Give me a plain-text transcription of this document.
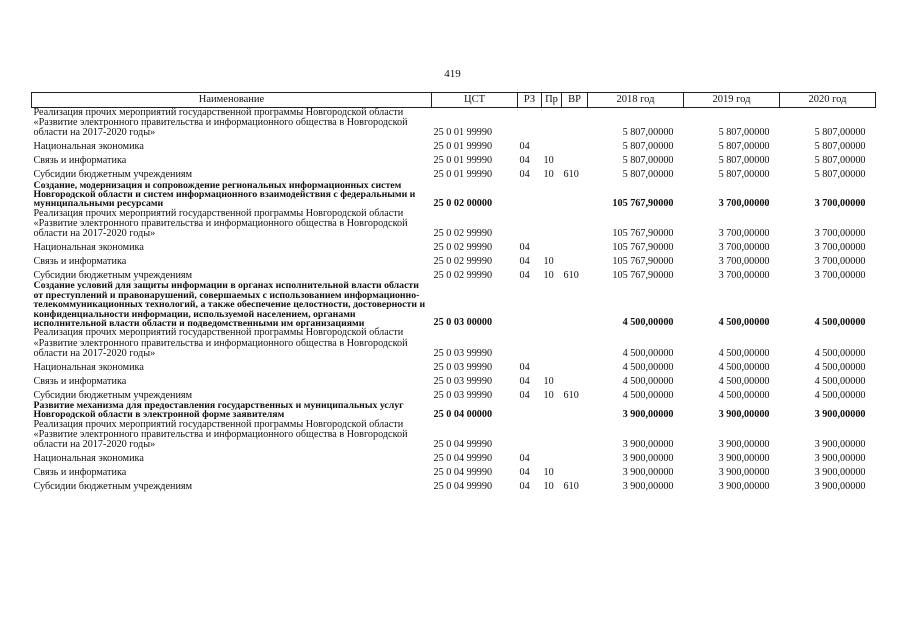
419
Наименование	ЦСТ	РЗ	Пр	ВР	2018 год	2019 год	2020 год
Реализация прочих мероприятий государственной программы Новгородской области «Развитие электронного правительства и информационного общества в Новгородской области на 2017-2020 годы»	25 0 01 99990				5 807,00000	5 807,00000	5 807,00000
Национальная экономика	25 0 01 99990	04			5 807,00000	5 807,00000	5 807,00000
Связь и информатика	25 0 01 99990	04	10		5 807,00000	5 807,00000	5 807,00000
Субсидии бюджетным учреждениям	25 0 01 99990	04	10	610	5 807,00000	5 807,00000	5 807,00000
Создание, модернизация и сопровождение региональных информационных систем Новгородской области и систем информационного взаимодействия с федеральными и муниципальными ресурсами	25 0 02 00000				105 767,90000	3 700,00000	3 700,00000
Реализация прочих мероприятий государственной программы Новгородской области «Развитие электронного правительства и информационного общества в Новгородской области на 2017-2020 годы»	25 0 02 99990				105 767,90000	3 700,00000	3 700,00000
Национальная экономика	25 0 02 99990	04			105 767,90000	3 700,00000	3 700,00000
Связь и информатика	25 0 02 99990	04	10		105 767,90000	3 700,00000	3 700,00000
Субсидии бюджетным учреждениям	25 0 02 99990	04	10	610	105 767,90000	3 700,00000	3 700,00000
Создание условий для защиты информации в органах исполнительной власти области от преступлений и правонарушений, совершаемых с использованием информационно-телекоммуникационных технологий, а также обеспечение целостности, достоверности и конфиденциальности информации, используемой населением, органами исполнительной власти области и подведомственными им организациями	25 0 03 00000				4 500,00000	4 500,00000	4 500,00000
Реализация прочих мероприятий государственной программы Новгородской области «Развитие электронного правительства и информационного общества в Новгородской области на 2017-2020 годы»	25 0 03 99990				4 500,00000	4 500,00000	4 500,00000
Национальная экономика	25 0 03 99990	04			4 500,00000	4 500,00000	4 500,00000
Связь и информатика	25 0 03 99990	04	10		4 500,00000	4 500,00000	4 500,00000
Субсидии бюджетным учреждениям	25 0 03 99990	04	10	610	4 500,00000	4 500,00000	4 500,00000
Развитие механизма для предоставления государственных и муниципальных услуг Новгородской области в электронной форме заявителям	25 0 04 00000				3 900,00000	3 900,00000	3 900,00000
Реализация прочих мероприятий государственной программы Новгородской области «Развитие электронного правительства и информационного общества в Новгородской области на 2017-2020 годы»	25 0 04 99990				3 900,00000	3 900,00000	3 900,00000
Национальная экономика	25 0 04 99990	04			3 900,00000	3 900,00000	3 900,00000
Связь и информатика	25 0 04 99990	04	10		3 900,00000	3 900,00000	3 900,00000
Субсидии бюджетным учреждениям	25 0 04 99990	04	10	610	3 900,00000	3 900,00000	3 900,00000
